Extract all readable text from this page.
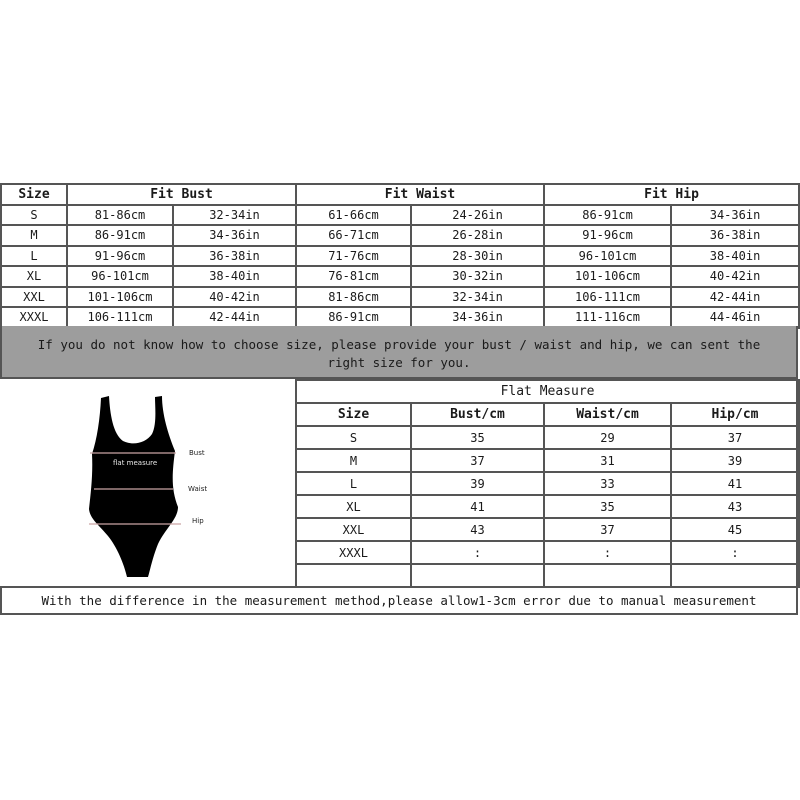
Size	Fit Bust		Fit Waist		Fit Hip	
S	81-86cm	32-34in	61-66cm	24-26in	86-91cm	34-36in
M	86-91cm	34-36in	66-71cm	26-28in	91-96cm	36-38in
L	91-96cm	36-38in	71-76cm	28-30in	96-101cm	38-40in
XL	96-101cm	38-40in	76-81cm	30-32in	101-106cm	40-42in
XXL	101-106cm	40-42in	81-86cm	32-34in	106-111cm	42-44in
XXXL	106-111cm	42-44in	86-91cm	34-36in	111-116cm	44-46in
If you do not know how to choose size, please provide your bust / waist and hip, we can sent the right size for you.
flat measure
Bust
Waist
Hip
Flat Measure			
Size	Bust/cm	Waist/cm	Hip/cm
S	35	29	37
M	37	31	39
L	39	33	41
XL	41	35	43
XXL	43	37	45
XXXL	:	:	:

With the difference in the measurement method,please allow1-3cm error due to manual measurement
